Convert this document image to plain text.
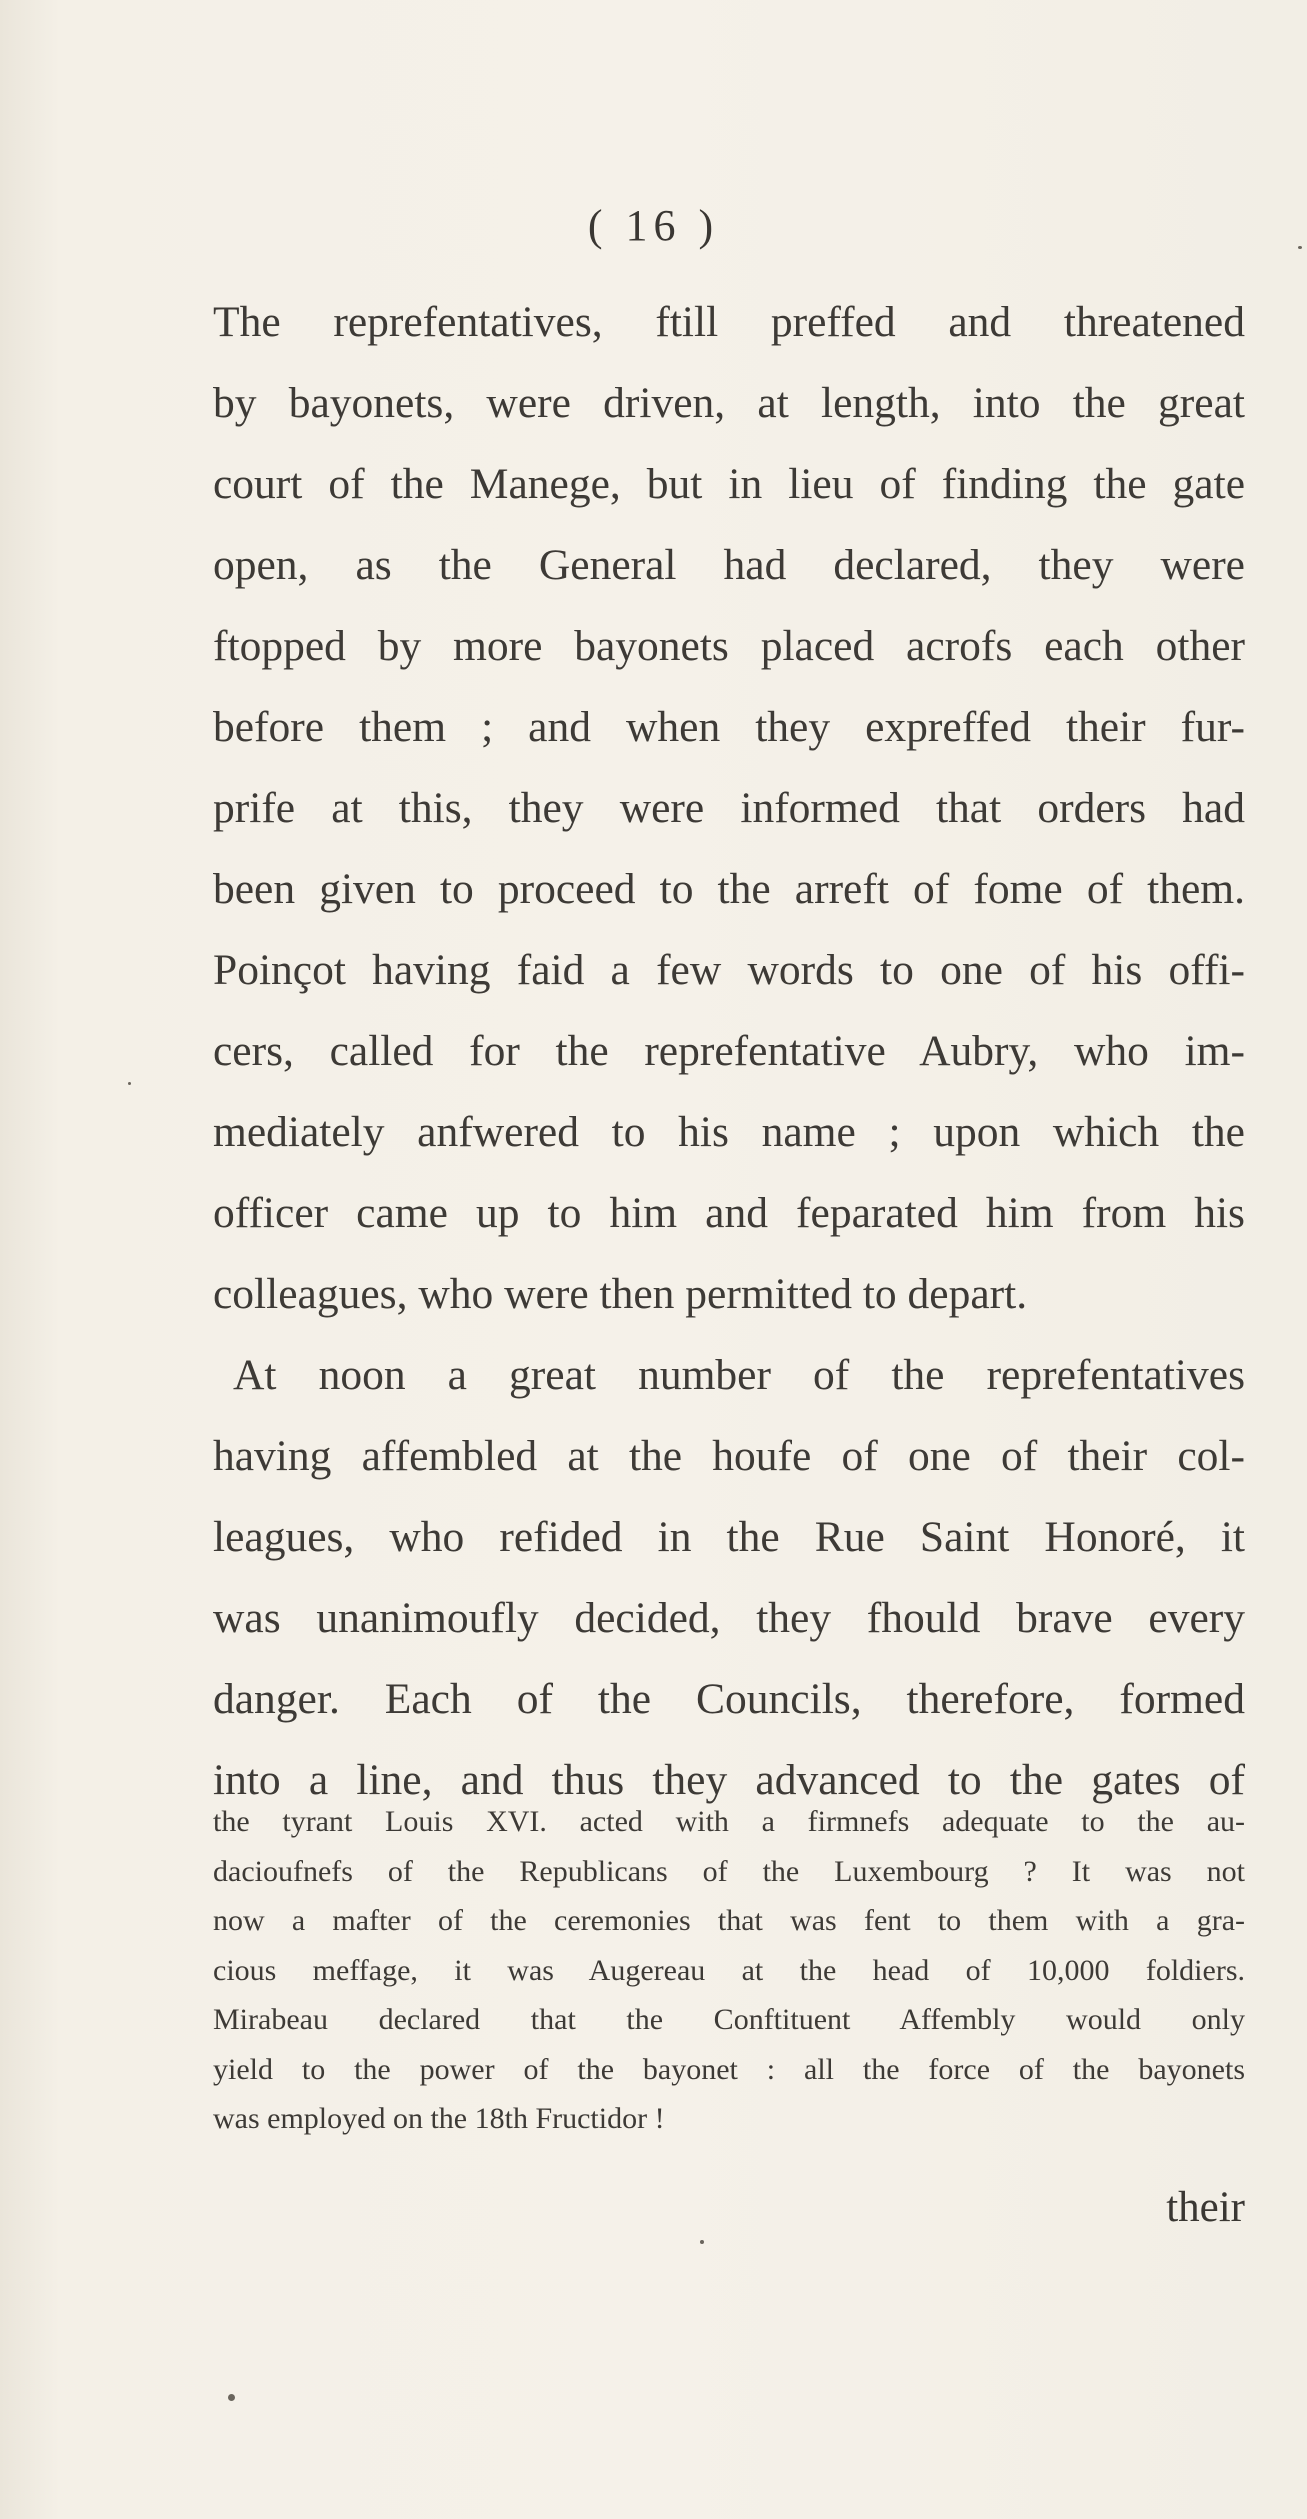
( 16 )
The reprefentatives, ftill preffed and threatened
by bayonets, were driven, at length, into the great
court of the Manege, but in lieu of finding the gate
open, as the General had declared, they were
ftopped by more bayonets placed acrofs each other
before them ; and when they expreffed their fur-
prife at this, they were informed that orders had
been given to proceed to the arreft of fome of them.
Poinçot having faid a few words to one of his offi-
cers, called for the reprefentative Aubry, who im-
mediately anfwered to his name ; upon which the
officer came up to him and feparated him from his
colleagues, who were then permitted to depart.
At noon a great number of the reprefentatives
having affembled at the houfe of one of their col-
leagues, who refided in the Rue Saint Honoré, it
was unanimoufly decided, they fhould brave every
danger. Each of the Councils, therefore, formed
into a line, and thus they advanced to the gates of
the tyrant Louis XVI. acted with a firmnefs adequate to the au-
dacioufnefs of the Republicans of the Luxembourg ? It was not
now a mafter of the ceremonies that was fent to them with a gra-
cious meffage, it was Augereau at the head of 10,000 foldiers.
Mirabeau declared that the Conftituent Affembly would only
yield to the power of the bayonet : all the force of the bayonets
was employed on the 18th Fructidor !
their
